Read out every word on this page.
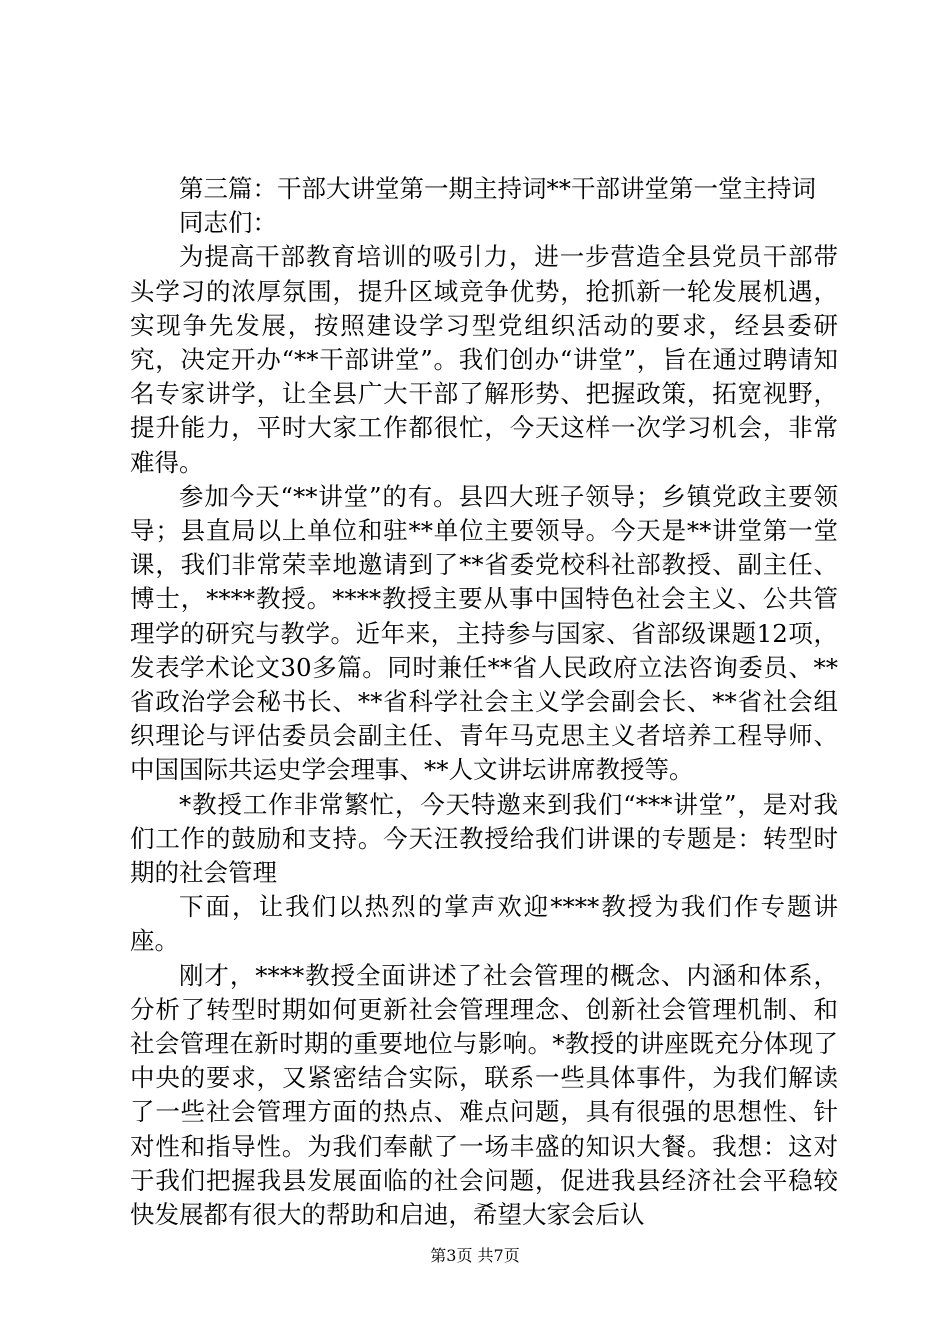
第三篇：干部大讲堂第一期主持词**干部讲堂第一堂主持词

同志们：

为提高干部教育培训的吸引力，进一步营造全县党员干部带头学习的浓厚氛围，提升区域竞争优势，抢抓新一轮发展机遇，实现争先发展，按照建设学习型党组织活动的要求，经县委研究，决定开办“**干部讲堂”。我们创办“讲堂”，旨在通过聘请知名专家讲学，让全县广大干部了解形势、把握政策，拓宽视野，提升能力，平时大家工作都很忙，今天这样一次学习机会，非常难得。

参加今天“**讲堂”的有。县四大班子领导；乡镇党政主要领导；县直局以上单位和驻**单位主要领导。今天是**讲堂第一堂课，我们非常荣幸地邀请到了**省委党校科社部教授、副主任、博士，****教授。****教授主要从事中国特色社会主义、公共管理学的研究与教学。近年来，主持参与国家、省部级课题12项，发表学术论文30多篇。同时兼任**省人民政府立法咨询委员、**省政治学会秘书长、**省科学社会主义学会副会长、**省社会组织理论与评估委员会副主任、青年马克思主义者培养工程导师、中国国际共运史学会理事、**人文讲坛讲席教授等。

*教授工作非常繁忙，今天特邀来到我们“***讲堂”，是对我们工作的鼓励和支持。今天汪教授给我们讲课的专题是：转型时期的社会管理

下面，让我们以热烈的掌声欢迎****教授为我们作专题讲座。

刚才，****教授全面讲述了社会管理的概念、内涵和体系，分析了转型时期如何更新社会管理理念、创新社会管理机制、和社会管理在新时期的重要地位与影响。*教授的讲座既充分体现了中央的要求，又紧密结合实际，联系一些具体事件，为我们解读了一些社会管理方面的热点、难点问题，具有很强的思想性、针对性和指导性。为我们奉献了一场丰盛的知识大餐。我想：这对于我们把握我县发展面临的社会问题，促进我县经济社会平稳较快发展都有很大的帮助和启迪，希望大家会后认

第3页 共7页
